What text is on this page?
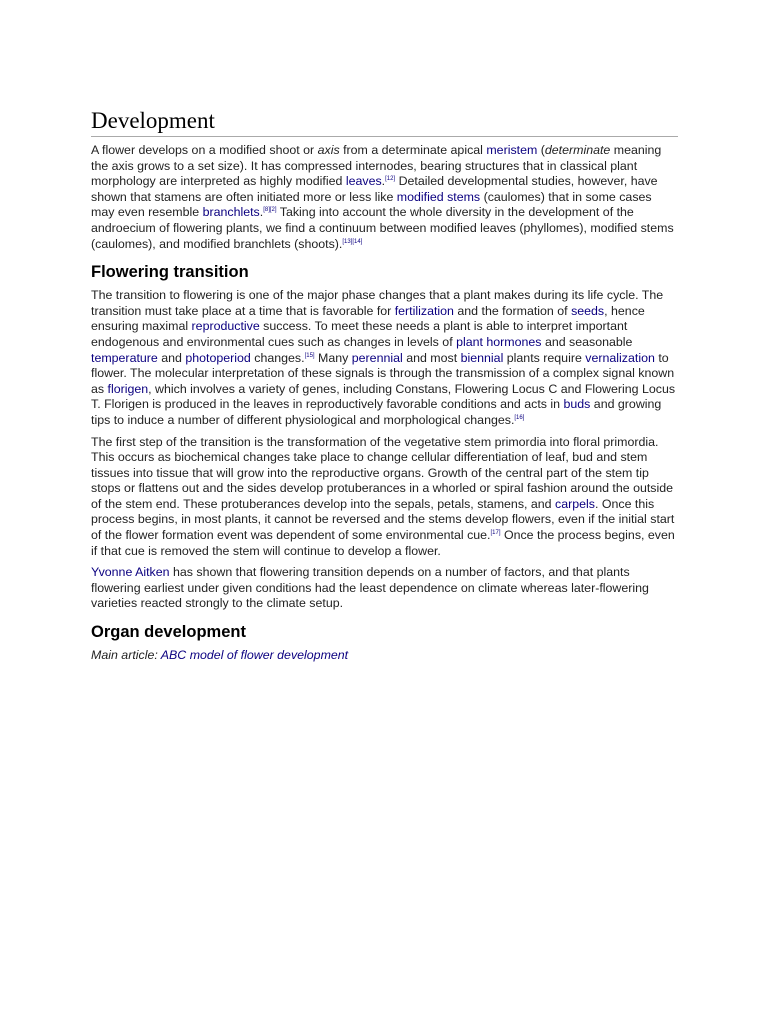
Development

A flower develops on a modified shoot or axis from a determinate apical meristem (determinate meaning the axis grows to a set size). It has compressed internodes, bearing structures that in classical plant morphology are interpreted as highly modified leaves.[12] Detailed developmental studies, however, have shown that stamens are often initiated more or less like modified stems (caulomes) that in some cases may even resemble branchlets.[8][2] Taking into account the whole diversity in the development of the androecium of flowering plants, we find a continuum between modified leaves (phyllomes), modified stems (caulomes), and modified branchlets (shoots).[13][14]

Flowering transition

The transition to flowering is one of the major phase changes that a plant makes during its life cycle. The transition must take place at a time that is favorable for fertilization and the formation of seeds, hence ensuring maximal reproductive success. To meet these needs a plant is able to interpret important endogenous and environmental cues such as changes in levels of plant hormones and seasonable temperature and photoperiod changes.[15] Many perennial and most biennial plants require vernalization to flower. The molecular interpretation of these signals is through the transmission of a complex signal known as florigen, which involves a variety of genes, including Constans, Flowering Locus C and Flowering Locus T. Florigen is produced in the leaves in reproductively favorable conditions and acts in buds and growing tips to induce a number of different physiological and morphological changes.[16]

The first step of the transition is the transformation of the vegetative stem primordia into floral primordia. This occurs as biochemical changes take place to change cellular differentiation of leaf, bud and stem tissues into tissue that will grow into the reproductive organs. Growth of the central part of the stem tip stops or flattens out and the sides develop protuberances in a whorled or spiral fashion around the outside of the stem end. These protuberances develop into the sepals, petals, stamens, and carpels. Once this process begins, in most plants, it cannot be reversed and the stems develop flowers, even if the initial start of the flower formation event was dependent of some environmental cue.[17] Once the process begins, even if that cue is removed the stem will continue to develop a flower.

Yvonne Aitken has shown that flowering transition depends on a number of factors, and that plants flowering earliest under given conditions had the least dependence on climate whereas later-flowering varieties reacted strongly to the climate setup.

Organ development

Main article: ABC model of flower development
